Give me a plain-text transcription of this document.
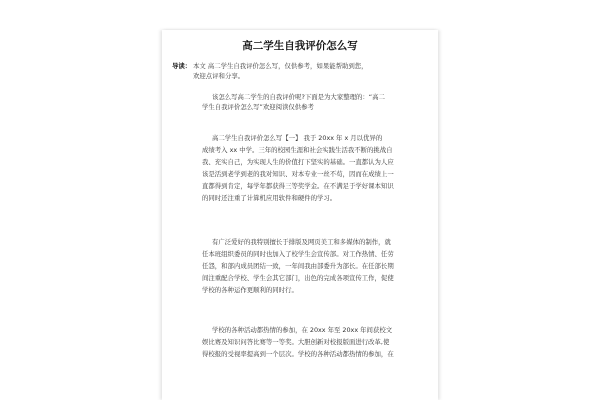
高二学生自我评价怎么写
导读： 本文 高二学生自我评价怎么写，仅供参考，如果能帮助到您，
欢迎点评和分享。
该怎么写高二学生的自我评价呢?下面是为大家整理的：“高二
学生自我评价怎么写”欢迎阅读仅供参考
高二学生自我评价怎么写【一】 我于 20xx 年 x 月以优异的
成绩考入 xx 中学。三年的校园生涯和社会实践生活我不断的挑战自
我、充实自己，为实现人生的价值打下坚实的基础。一直都认为人应
该是活到老学到老的我对知识、对本专业一丝不苟，因而在成绩上一
直都得到肯定，每学年都获得三等奖学金。在不满足于学好课本知识
的同时还注重了计算机应用软件和硬件的学习。
有广泛爱好的我特别擅长于排版及网页美工和多媒体的制作，就
任本班组织委员的同时也加入了校学生会宣传部。对工作热情、任劳
任怨，和部内成员团结一致，一年间我由部委升为部长。在任部长期
间注重配合学校、学生会其它部门，出色的完成各项宣传工作，促使
学校的各种运作更顺利的同时行。
学校的各种活动都热情的参加，在 20xx 年至 20xx 年间获校文
娱比赛及知识问答比赛等一等奖。大胆创新对校报版面进行改革,使
得校报的受视率提高到一个层次。学校的各种活动都热情的参加，在
